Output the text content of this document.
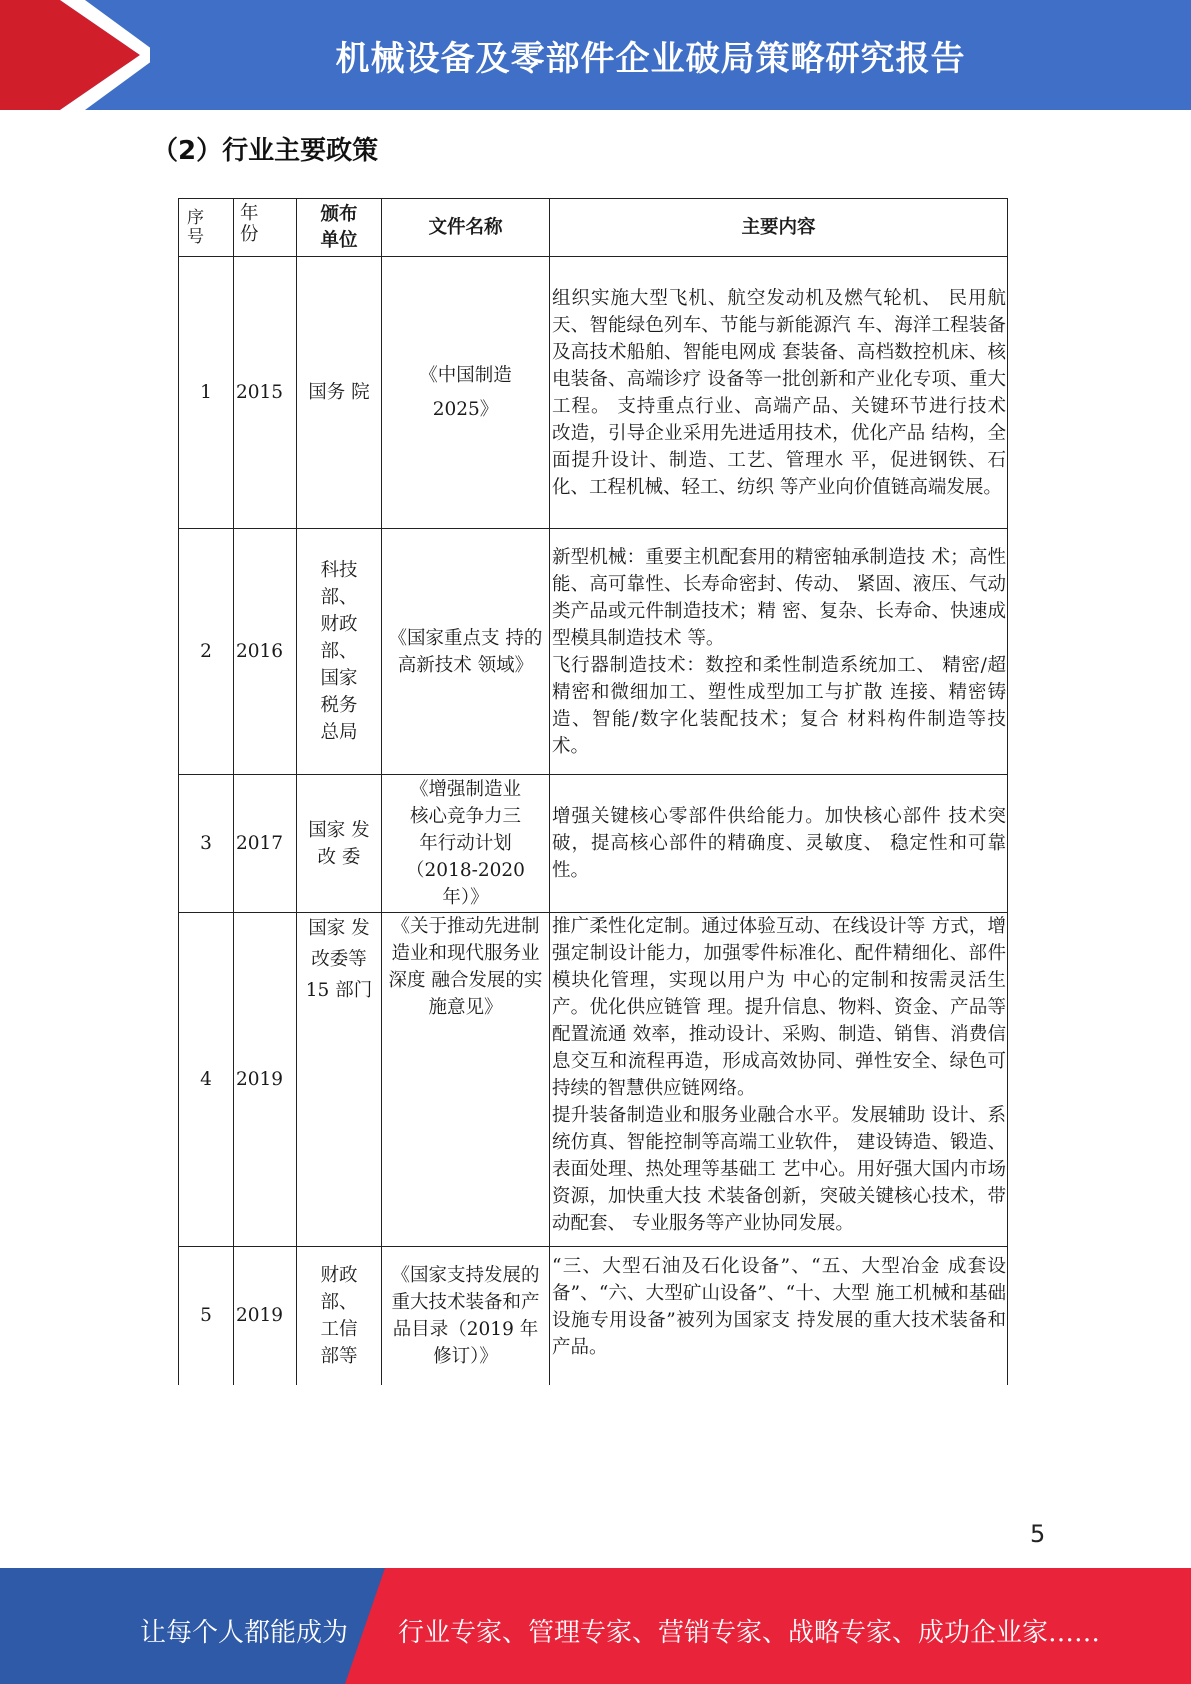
机械设备及零部件企业破局策略研究报告
（2）行业主要政策
序号	年份	颁布单位	文件名称	主要内容
1	2015	国务 院	《中国制造 2025》	组织实施大型飞机、航空发动机及燃气轮机、 民用航天、智能绿色列车、节能与新能源汽 车、海洋工程装备及高技术船舶、智能电网成 套装备、高档数控机床、核电装备、高端诊疗 设备等一批创新和产业化专项、重大工程。 支持重点行业、高端产品、关键环节进行技术 改造，引导企业采用先进适用技术，优化产品 结构，全面提升设计、制造、工艺、管理水 平，促进钢铁、石化、工程机械、轻工、纺织 等产业向价值链高端发展。

2	2016	科技部、财政部、国家税务总局	《国家重点支 持的高新技术 领域》	新型机械：重要主机配套用的精密轴承制造技 术；高性能、高可靠性、长寿命密封、传动、 紧固、液压、气动类产品或元件制造技术；精 密、复杂、长寿命、快速成型模具制造技术 等。
飞行器制造技术：数控和柔性制造系统加工、 精密/超精密和微细加工、塑性成型加工与扩散 连接、精密铸造、智能/数字化装配技术；复合 材料构件制造等技术。

3	2017	国家 发改 委	《增强制造业核心竞争力三年行动计划（2018-2020年）》	增强关键核心零部件供给能力。加快核心部件 技术突破，提高核心部件的精确度、灵敏度、 稳定性和可靠性。

4	2019	国家 发改委等 15 部门	《关于推动先进制造业和现代服务业深度 融合发展的实 施意见》	推广柔性化定制。通过体验互动、在线设计等 方式，增强定制设计能力，加强零件标准化、配件精细化、部件模块化管理，实现以用户为 中心的定制和按需灵活生产。优化供应链管 理。提升信息、物料、资金、产品等配置流通 效率，推动设计、采购、制造、销售、消费信 息交互和流程再造，形成高效协同、弹性安全、绿色可持续的智慧供应链网络。
提升装备制造业和服务业融合水平。发展辅助 设计、系统仿真、智能控制等高端工业软件， 建设铸造、锻造、表面处理、热处理等基础工 艺中心。用好强大国内市场资源，加快重大技 术装备创新，突破关键核心技术，带动配套、 专业服务等产业协同发展。

5	2019	财政部、工信部等	《国家支持发展的重大技术装备和产品目录（2019 年修订）》	“三、大型石油及石化设备”、“五、大型冶金 成套设备”、“六、大型矿山设备”、“十、大型 施工机械和基础设施专用设备”被列为国家支 持发展的重大技术装备和产品。
5
让每个人都能成为 行业专家、管理专家、营销专家、战略专家、成功企业家……
